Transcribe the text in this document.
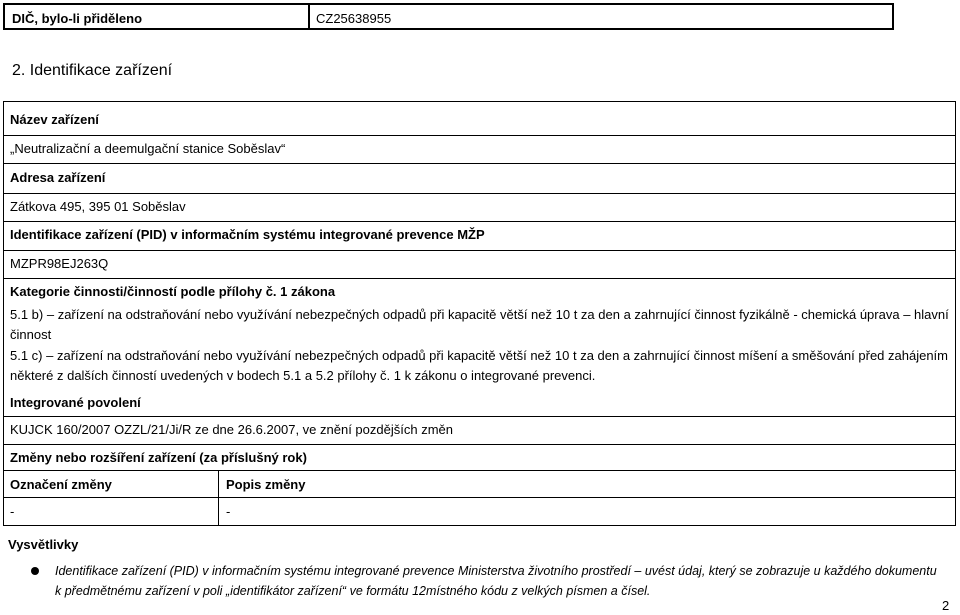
DIČ, bylo-li přiděleno	CZ25638955
2. Identifikace zařízení
Název zařízení
„Neutralizační a deemulgační stanice Soběslav“
Adresa zařízení
Zátkova 495, 395 01 Soběslav
Identifikace zařízení (PID) v informačním systému integrované prevence MŽP
MZPR98EJ263Q
Kategorie činnosti/činností podle přílohy č. 1 zákona
5.1 b) – zařízení na odstraňování nebo využívání nebezpečných odpadů při kapacitě větší než 10 t za den a zahrnující činnost fyzikálně - chemická úprava – hlavní činnost
5.1 c) – zařízení na odstraňování nebo využívání nebezpečných odpadů při kapacitě větší než 10 t za den a zahrnující činnost míšení a směšování před zahájením některé z dalších činností uvedených v bodech 5.1 a 5.2 přílohy č. 1 k zákonu o integrované prevenci.
Integrované povolení
KUJCK 160/2007 OZZL/21/Ji/R ze dne 26.6.2007, ve znění pozdějších změn
Změny nebo rozšíření zařízení (za příslušný rok)
Označení změny	Popis změny
-	-
Vysvětlivky
Identifikace zařízení (PID) v informačním systému integrované prevence Ministerstva životního prostředí – uvést údaj, který se zobrazuje u každého dokumentu k předmětnému zařízení v poli „identifikátor zařízení“ ve formátu 12místného kódu z velkých písmen a čísel.
2
